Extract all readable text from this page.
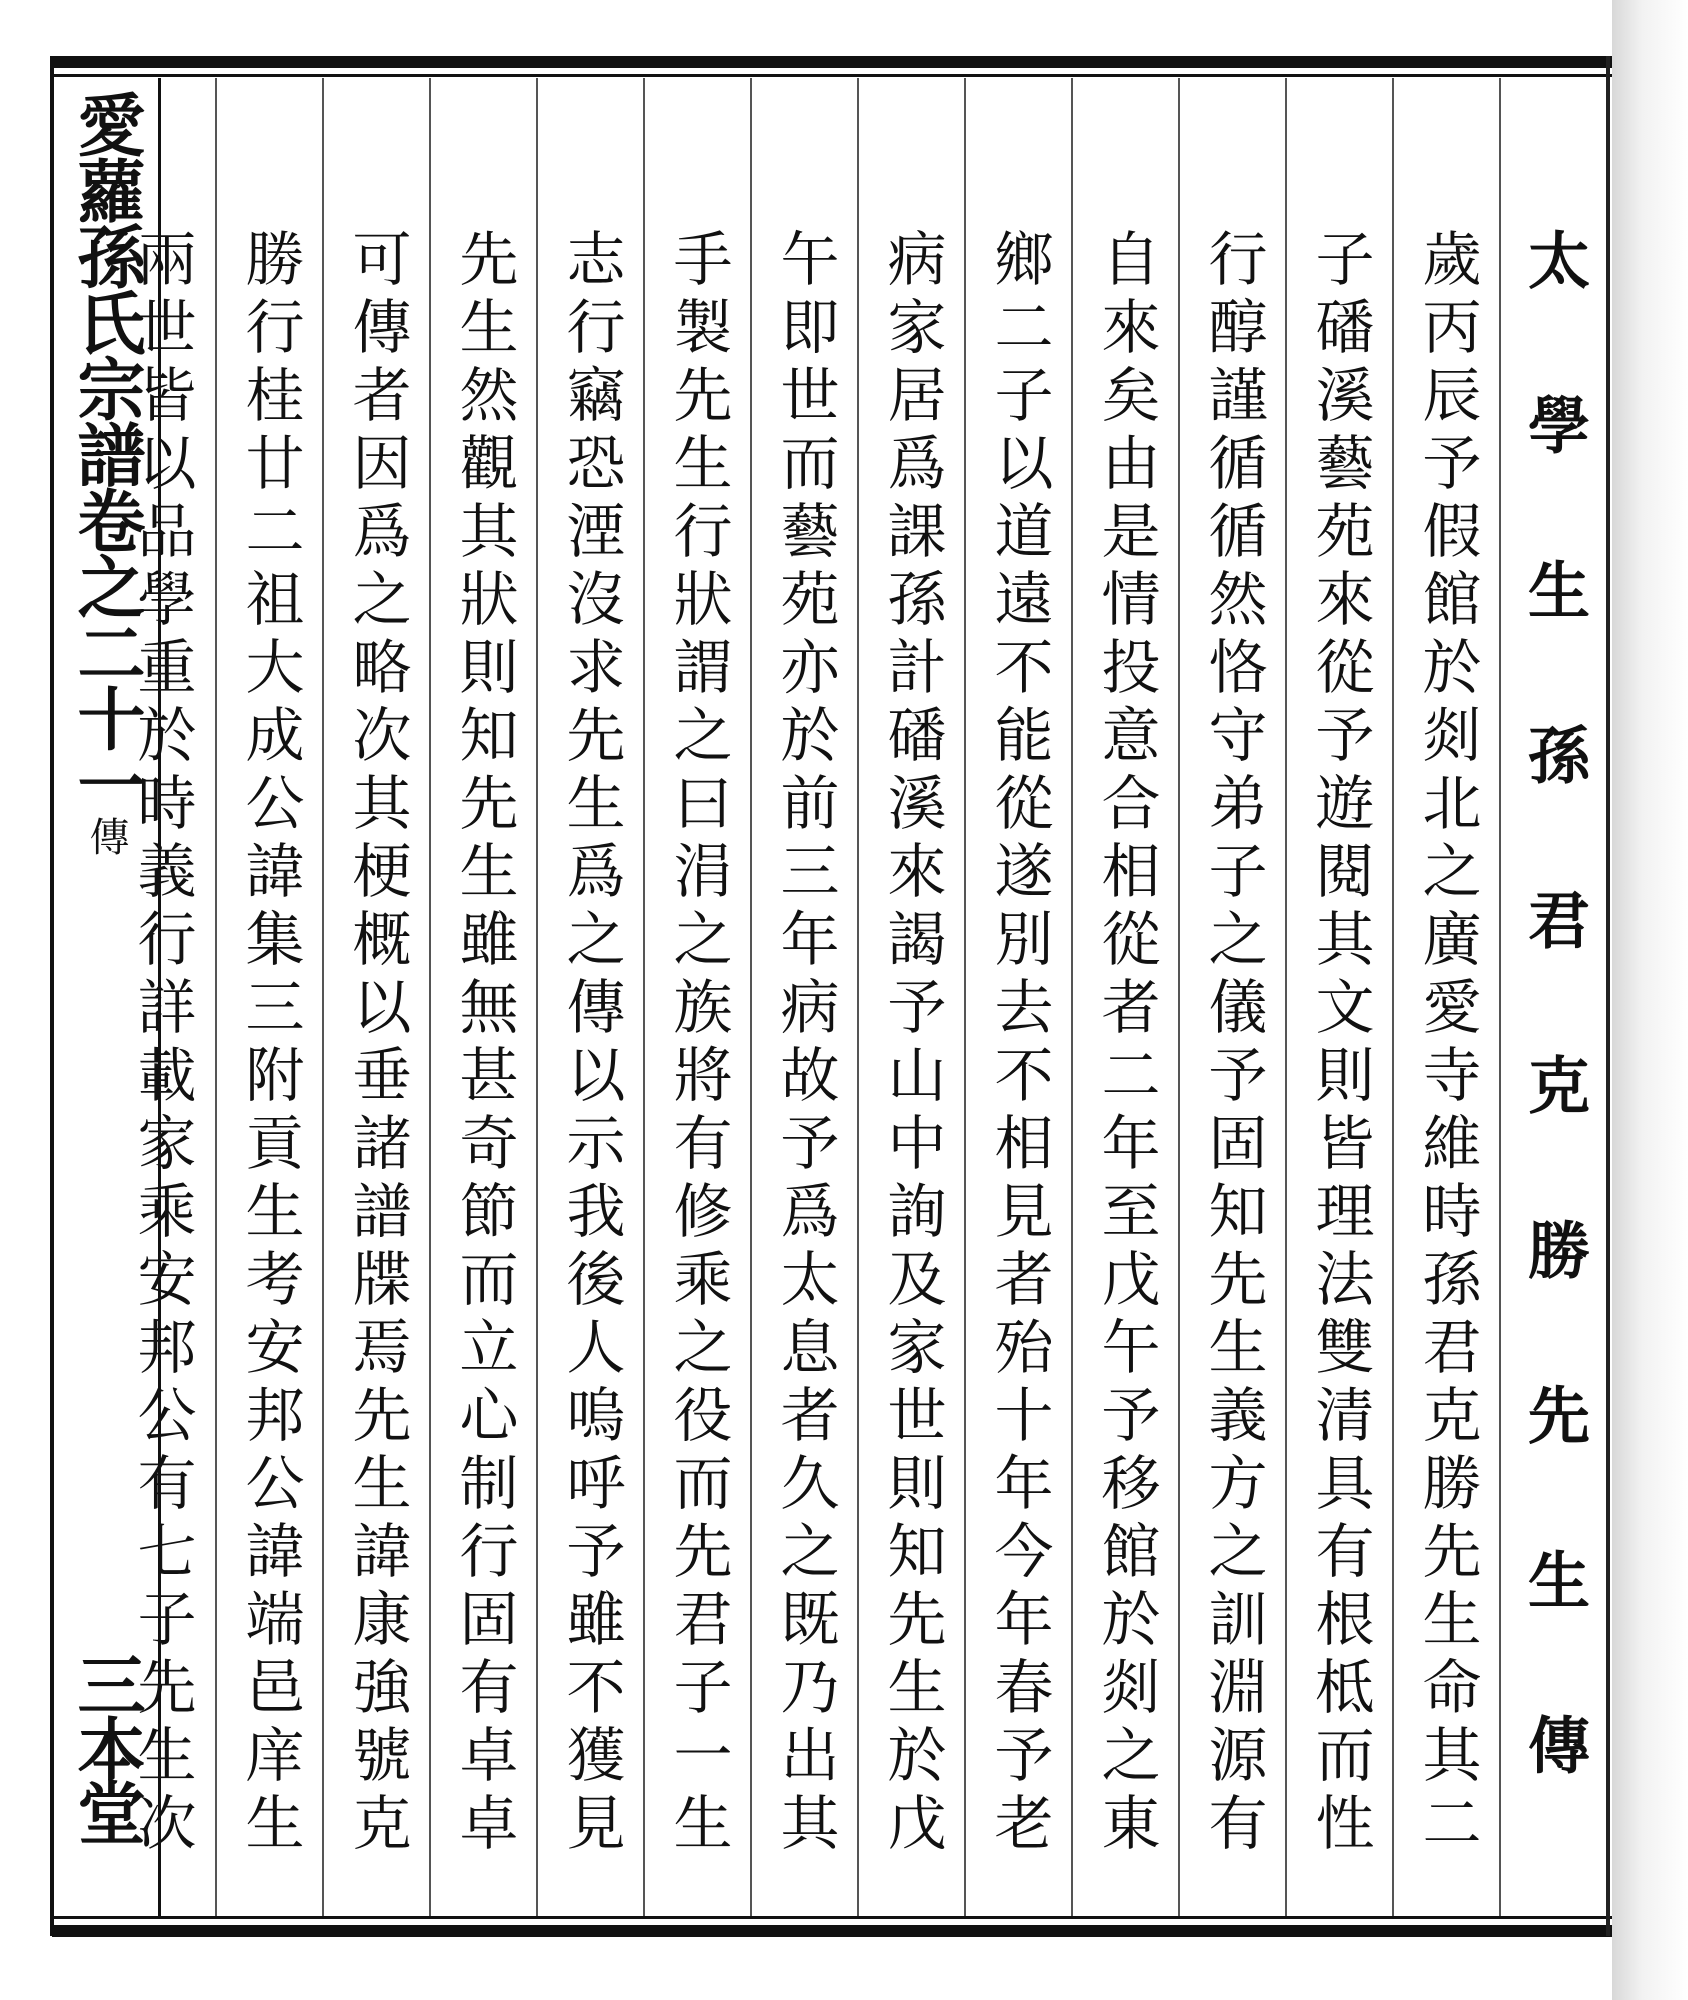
愛蘿孫氏宗譜卷之二十一傳
三本堂	太學生孫君克勝先生傳
歲丙辰予假館於剡北之廣愛寺維時孫君克勝先生命其二
子磻溪藝苑來從予遊閱其文則皆理法雙清具有根柢而性
行醇謹循循然恪守弟子之儀予固知先生義方之訓淵源有
自來矣由是情投意合相從者二年至戊午予移館於剡之東
鄉二子以道遠不能從遂別去不相見者殆十年今年春予老
病家居爲課孫計磻溪來謁予山中詢及家世則知先生於戊
午即世而藝苑亦於前三年病故予爲太息者久之既乃出其
手製先生行狀謂之曰涓之族將有修乘之役而先君子一生
志行竊恐湮沒求先生爲之傳以示我後人嗚呼予雖不獲見
先生然觀其狀則知先生雖無甚奇節而立心制行固有卓卓
可傳者因爲之略次其梗概以垂諸譜牒焉先生諱康強號克
勝行桂廿二祖大成公諱集三附貢生考安邦公諱端邑庠生
兩世皆以品學重於時義行詳載家乘安邦公有七子先生次
